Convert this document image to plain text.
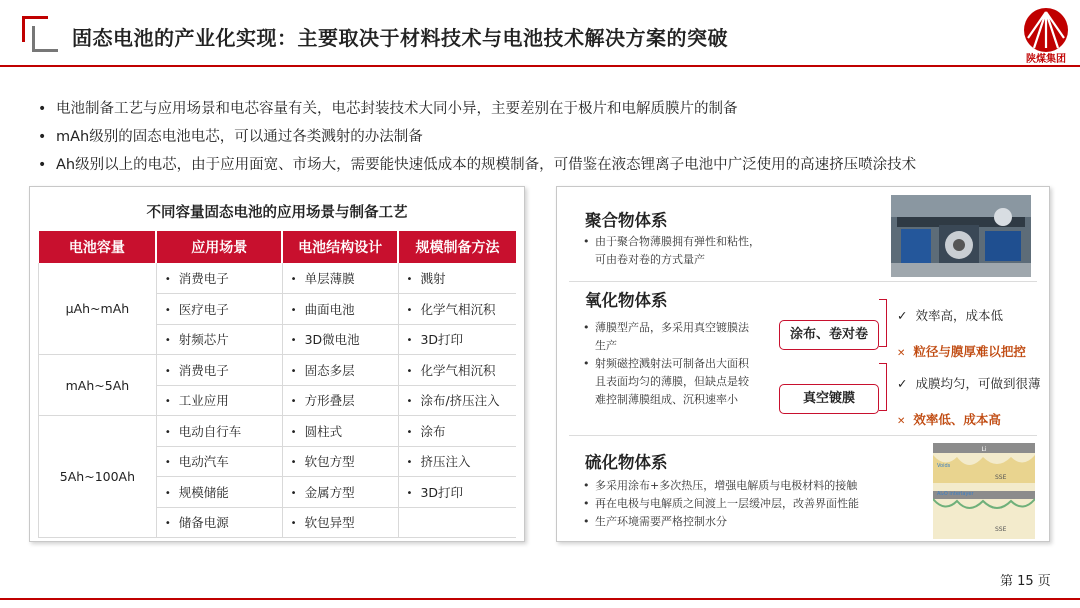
固态电池的产业化实现：主要取决于材料技术与电池技术解决方案的突破
陕煤集团
• 电池制备工艺与应用场景和电芯容量有关，电芯封装技术大同小异，主要差别在于极片和电解质膜片的制备
• mAh级别的固态电池电芯，可以通过各类溅射的办法制备
• Ah级别以上的电芯，由于应用面宽、市场大，需要能快速低成本的规模制备，可借鉴在液态锂离子电池中广泛使用的高速挤压喷涂技术
不同容量固态电池的应用场景与制备工艺
电池容量	应用场景	电池结构设计	规模制备方法
μAh~mAh	• 消费电子	• 单层薄膜	• 溅射
	• 医疗电子	• 曲面电池	• 化学气相沉积
	• 射频芯片	• 3D微电池	• 3D打印
mAh~5Ah	• 消费电子	• 固态多层	• 化学气相沉积
	• 工业应用	• 方形叠层	• 涂布/挤压注入
5Ah~100Ah	• 电动自行车	• 圆柱式	• 涂布
	• 电动汽车	• 软包方型	• 挤压注入
	• 规模储能	• 金属方型	• 3D打印
	• 储备电源	• 软包异型	
聚合物体系
• 由于聚合物薄膜拥有弹性和粘性，
可由卷对卷的方式量产
氧化物体系
• 薄膜型产品，多采用真空镀膜法
生产
• 射频磁控溅射法可制备出大面积
且表面均匀的薄膜，但缺点是较
难控制薄膜组成、沉积速率小
涂布、卷对卷
✓ 效率高，成本低
✕ 粒径与膜厚难以把控
真空镀膜
✓ 成膜均匀，可做到很薄
✕ 效率低、成本高
硫化物体系
• 多采用涂布+多次热压，增强电解质与电极材料的接触
• 再在电极与电解质之间渡上一层缓冲层，改善界面性能
• 生产环境需要严格控制水分
Li
Voids
SSE
Al₂O interlayer
SSE
第 15 页
